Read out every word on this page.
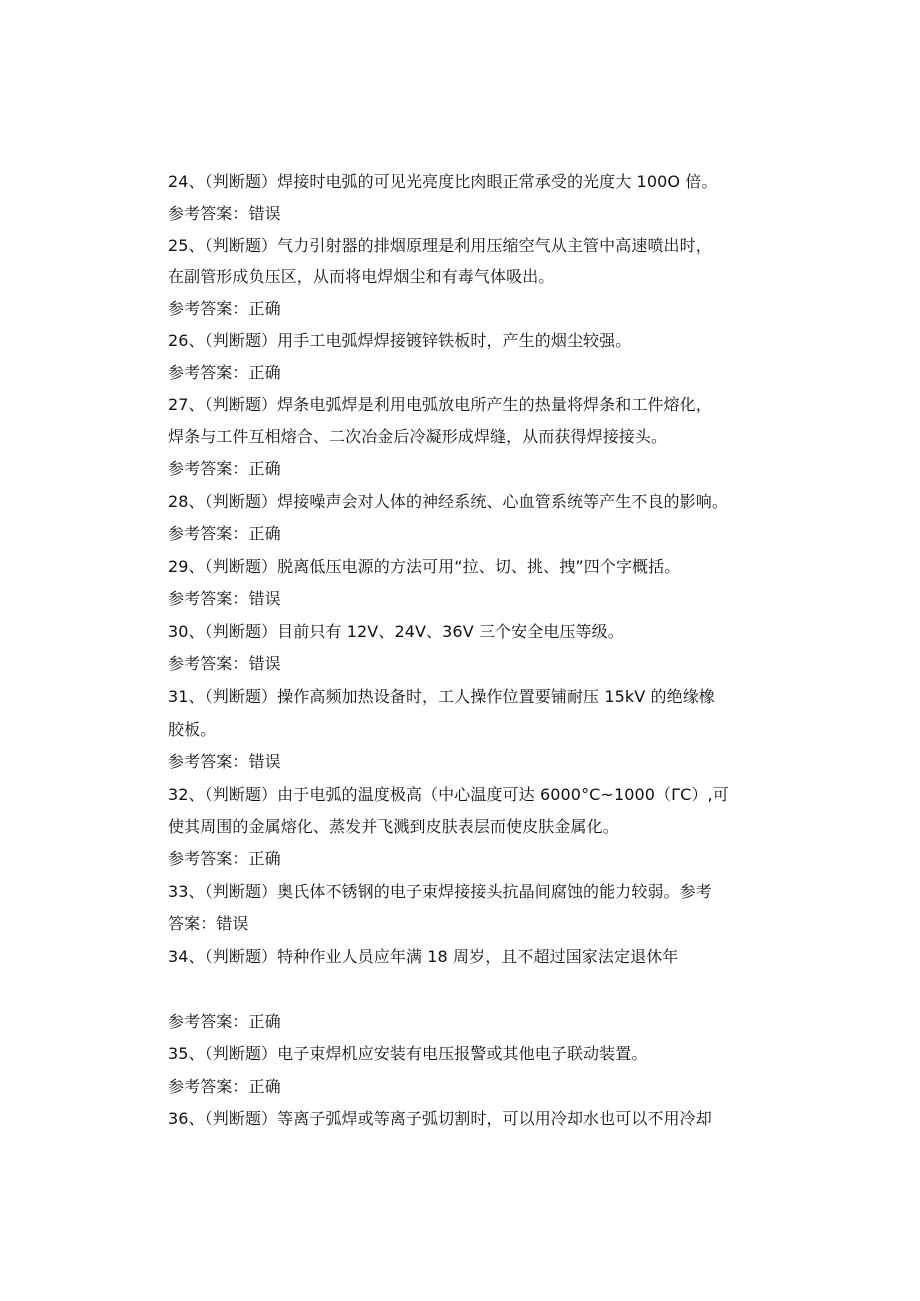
24、（判断题）焊接时电弧的可见光亮度比肉眼正常承受的光度大 100O 倍。
参考答案：错误
25、（判断题）气力引射器的排烟原理是利用压缩空气从主管中高速喷出时，
在副管形成负压区，从而将电焊烟尘和有毒气体吸出。
参考答案：正确
26、（判断题）用手工电弧焊焊接镀锌铁板时，产生的烟尘较强。
参考答案：正确
27、（判断题）焊条电弧焊是利用电弧放电所产生的热量将焊条和工件熔化，
焊条与工件互相熔合、二次冶金后冷凝形成焊缝，从而获得焊接接头。
参考答案：正确
28、（判断题）焊接噪声会对人体的神经系统、心血管系统等产生不良的影响。
参考答案：正确
29、（判断题）脱离低压电源的方法可用“拉、切、挑、拽”四个字概括。
参考答案：错误
30、（判断题）目前只有 12V、24V、36V 三个安全电压等级。
参考答案：错误
31、（判断题）操作高频加热设备时，工人操作位置要铺耐压 15kV 的绝缘橡
胶板。
参考答案：错误
32、（判断题）由于电弧的温度极高（中心温度可达 6000°C~1000（ΓC）,可
使其周围的金属熔化、蒸发并飞溅到皮肤表层而使皮肤金属化。
参考答案：正确
33、（判断题）奥氏体不锈钢的电子束焊接接头抗晶间腐蚀的能力较弱。参考
答案：错误
34、（判断题）特种作业人员应年满 18 周岁，且不超过国家法定退休年
参考答案：正确
35、（判断题）电子束焊机应安装有电压报警或其他电子联动装置。
参考答案：正确
36、（判断题）等离子弧焊或等离子弧切割时，可以用冷却水也可以不用冷却
